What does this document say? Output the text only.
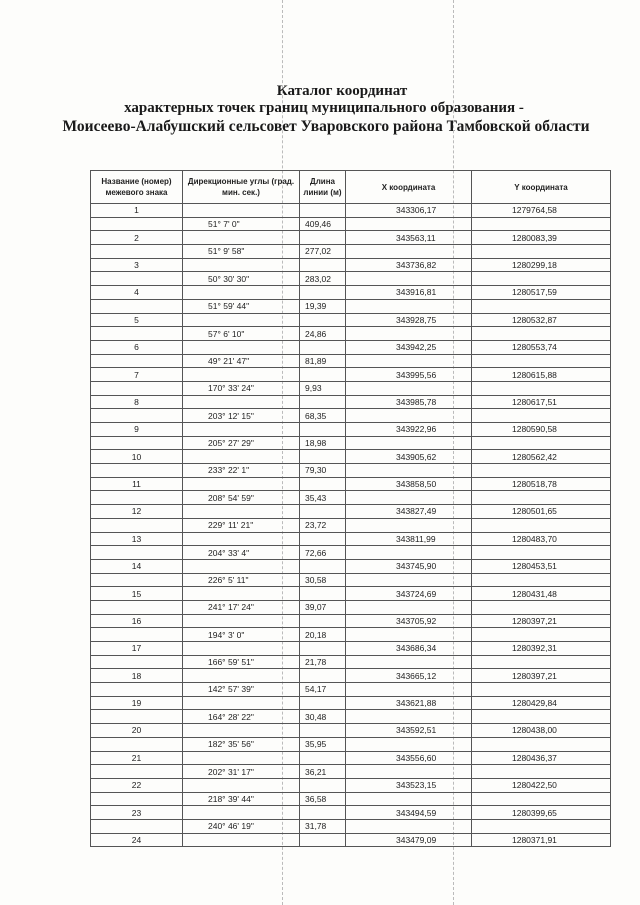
Каталог координат
характерных точек границ муниципального образования -
Моисеево-Алабушский сельсовет Уваровского района Тамбовской области
Название (номер) межевого знака	Дирекционные углы (град. мин. сек.)	Длина линии (м)	X координата	Y координата
1			343306,17	1279764,58
	51° 7' 0"	409,46		
2			343563,11	1280083,39
	51° 9' 58"	277,02		
3			343736,82	1280299,18
	50° 30' 30"	283,02		
4			343916,81	1280517,59
	51° 59' 44"	19,39		
5			343928,75	1280532,87
	57° 6' 10"	24,86		
6			343942,25	1280553,74
	49° 21' 47"	81,89		
7			343995,56	1280615,88
	170° 33' 24"	9,93		
8			343985,78	1280617,51
	203° 12' 15"	68,35		
9			343922,96	1280590,58
	205° 27' 29"	18,98		
10			343905,62	1280562,42
	233° 22' 1"	79,30		
11			343858,50	1280518,78
	208° 54' 59"	35,43		
12			343827,49	1280501,65
	229° 11' 21"	23,72		
13			343811,99	1280483,70
	204° 33' 4"	72,66		
14			343745,90	1280453,51
	226° 5' 11"	30,58		
15			343724,69	1280431,48
	241° 17' 24"	39,07		
16			343705,92	1280397,21
	194° 3' 0"	20,18		
17			343686,34	1280392,31
	166° 59' 51"	21,78		
18			343665,12	1280397,21
	142° 57' 39"	54,17		
19			343621,88	1280429,84
	164° 28' 22"	30,48		
20			343592,51	1280438,00
	182° 35' 56"	35,95		
21			343556,60	1280436,37
	202° 31' 17"	36,21		
22			343523,15	1280422,50
	218° 39' 44"	36,58		
23			343494,59	1280399,65
	240° 46' 19"	31,78		
24			343479,09	1280371,91
